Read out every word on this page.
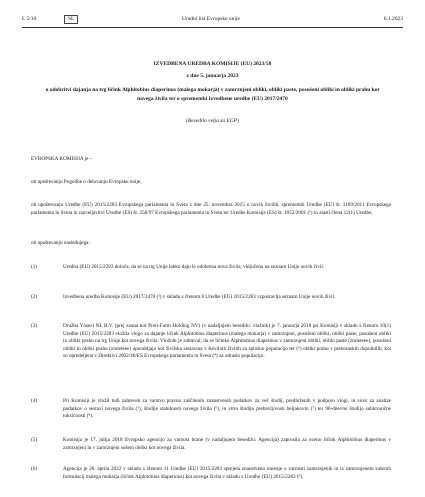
L 5/10	SL	Uradni list Evropske unije	6.1.2023

IZVEDBENA UREDBA KOMISIJE (EU) 2023/58

z dne 5. januarja 2023

o odobritvi dajanja na trg ličink Alphitobius diaperinus (malega mokarja) v zamrznjeni obliki, obliki paste, posušeni obliki in obliki prahu kot novega živila ter o spremembi Izvedbene uredbe (EU) 2017/2470

(Besedilo velja za EGP)

EVROPSKA KOMISIJA je –

ob upoštevanju Pogodbe o delovanju Evropske unije,

ob upoštevanju Uredbe (EU) 2015/2283 Evropskega parlamenta in Sveta z dne 25. novembra 2015 o novih živilih, spremembi Uredbe (EU) št. 1169/2011 Evropskega parlamenta in Sveta in razveljavitvi Uredbe (ES) št. 258/97 Evropskega parlamenta in Sveta ter Uredbe Komisije (ES) št. 1852/2001 (¹) in zlasti člena 12(1) Uredbe,

ob upoštevanju naslednjega:

(1)	Uredba (EU) 2015/2283 določa, da se na trg Unije lahko dajo le odobrena nova živila, vključena na seznam Unije novih živil.
(2)	Izvedbena uredba Komisije (EU) 2017/2470 (²) v skladu s členom 8 Uredbe (EU) 2015/2283 vzpostavlja seznam Unije novih živil.
(3)	Družba Ynsect NL B.V. (prej znana kot Proti-Farm Holding NV) (v nadaljnjem besedilu: vložnik) je 7. januarja 2018 pri Komisiji v skladu s členom 10(1) Uredbe (EU) 2015/2283 vložila vlogo za dajanje ličink Alphitobius diaperinus (malega mokarja) v zamrznjeni, posušeni obliki, obliki paste, posušeni obliki in obliki prahu na trg Unije kot novega živila. Vložnik je zahteval, da se ličinke Alphitobius diaperinus v zamrznjeni obliki, obliki paste (zmleteee), posušeni obliki in obliki prahu (zmleteee) uporabljajo kot živilska sestavina v številnih živilih za splošno populacijo ter (⁵) obliki prahu v prehranskih dopolnilih, kot so opredeljena v Direktivi 2002/46/ES Evropskega parlamenta in Sveta (⁴) za odraslo populacijo.
(4)	Pri Komisiji je vložil tudi zahtevek za varstvo pravno zaščitenih znanstvenih podatkov za več študij, predloženih v podporo vlogi, in sicer za analize podatkov o sestavi novega živila (⁵), študije stabilnosti novega živila (⁶), in vitro študijo prebavljivosti beljakovin (⁷) ter 90-dnevno študijo subkronične toksičnosti (⁸).
(5)	Komisija je 17. julija 2018 Evropsko agencijo za varnost hrane (v nadaljnjem besedilu: Agencija) zaprosila za oceno ličink Alphitobius diaperinus v zamrznjeni in v zamrznjeni sušeni obliki kot novega živila.
(6)	Agencija je 26. aprila 2022 v skladu s členom 11 Uredbe (EU) 2015/2283 sprejela znanstveno mnenje o varnosti zamrznjenih in iz zamrznjenem sušenih formulacij malega mokarja (ličink Alphitobius diaperinus) kot novega živila v skladu z Uredbo (EU) 2015/2283 (⁹).
